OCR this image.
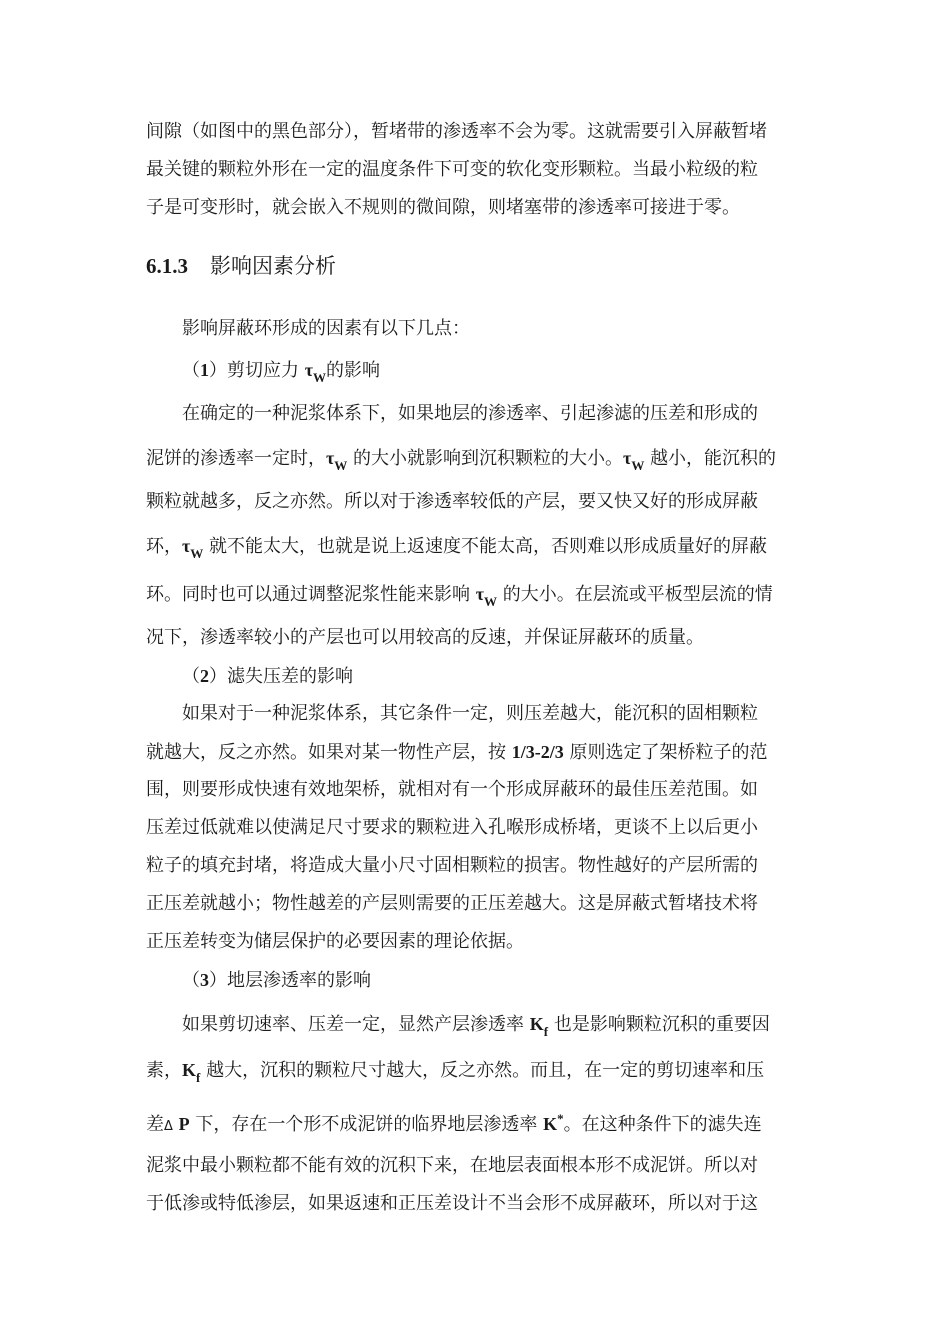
间隙（如图中的黑色部分），暂堵带的渗透率不会为零。这就需要引入屏蔽暂堵
最关键的颗粒外形在一定的温度条件下可变的软化变形颗粒。当最小粒级的粒
子是可变形时，就会嵌入不规则的微间隙，则堵塞带的渗透率可接进于零。
6.1.3 影响因素分析
影响屏蔽环形成的因素有以下几点：
（1）剪切应力 $\tau_W$的影响
在确定的一种泥浆体系下，如果地层的渗透率、引起渗滤的压差和形成的
泥饼的渗透率一定时，$\tau_W$ 的大小就影响到沉积颗粒的大小。$\tau_W$ 越小，能沉积的
颗粒就越多，反之亦然。所以对于渗透率较低的产层，要又快又好的形成屏蔽
环，$\tau_W$ 就不能太大，也就是说上返速度不能太高，否则难以形成质量好的屏蔽
环。同时也可以通过调整泥浆性能来影响 $\tau_W$ 的大小。在层流或平板型层流的情
况下，渗透率较小的产层也可以用较高的反速，并保证屏蔽环的质量。
（2）滤失压差的影响
如果对于一种泥浆体系，其它条件一定，则压差越大，能沉积的固相颗粒
就越大，反之亦然。如果对某一物性产层，按 1/3-2/3 原则选定了架桥粒子的范
围，则要形成快速有效地架桥，就相对有一个形成屏蔽环的最佳压差范围。如
压差过低就难以使满足尺寸要求的颗粒进入孔喉形成桥堵，更谈不上以后更小
粒子的填充封堵，将造成大量小尺寸固相颗粒的损害。物性越好的产层所需的
正压差就越小；物性越差的产层则需要的正压差越大。这是屏蔽式暂堵技术将
正压差转变为储层保护的必要因素的理论依据。
（3）地层渗透率的影响
如果剪切速率、压差一定，显然产层渗透率 $K_f$ 也是影响颗粒沉积的重要因
素，$K_f$ 越大，沉积的颗粒尺寸越大，反之亦然。而且，在一定的剪切速率和压
差Δ P 下，存在一个形不成泥饼的临界地层渗透率 K*。在这种条件下的滤失连
泥浆中最小颗粒都不能有效的沉积下来，在地层表面根本形不成泥饼。所以对
于低渗或特低渗层，如果返速和正压差设计不当会形不成屏蔽环，所以对于这
